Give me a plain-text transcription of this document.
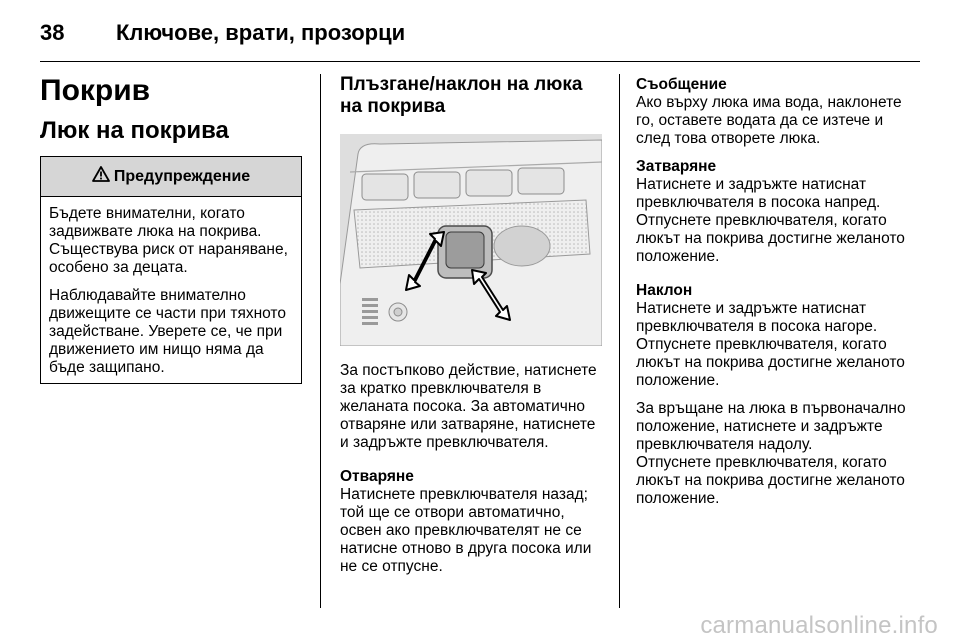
38 Ключове, врати, прозорци
Покрив
Люк на покрива
Предупреждение

Бъдете внимателни, когато задвижвате люка на покрива. Съществува риск от нараняване, особено за децата.

Наблюдавайте внимателно движещите се части при тяхното задействане. Уверете се, че при движението им нищо няма да бъде защипано.

Плъзгане/наклон на люка на покрива

За постъпково действие, натиснете за кратко превключвателя в желаната посока. За автоматично отваряне или затваряне, натиснете и задръжте превключвателя.

Отваряне

Натиснете превключвателя назад; той ще се отвори автоматично, освен ако превключвателят не се натисне отново в друга посока или не се отпусне.

Съобщение

Ако върху люка има вода, наклонете го, оставете водата да се изтече и след това отворете люка.

Затваряне

Натиснете и задръжте натиснат превключвателя в посока напред. Отпуснете превключвателя, когато люкът на покрива достигне желаното положение.

Наклон

Натиснете и задръжте натиснат превключвателя в посока нагоре. Отпуснете превключвателя, когато люкът на покрива достигне желаното положение.

За връщане на люка в първоначално положение, натиснете и задръжте превключвателя надолу.

Отпуснете превключвателя, когато люкът на покрива достигне желаното положение.

carmanualsonline.info
